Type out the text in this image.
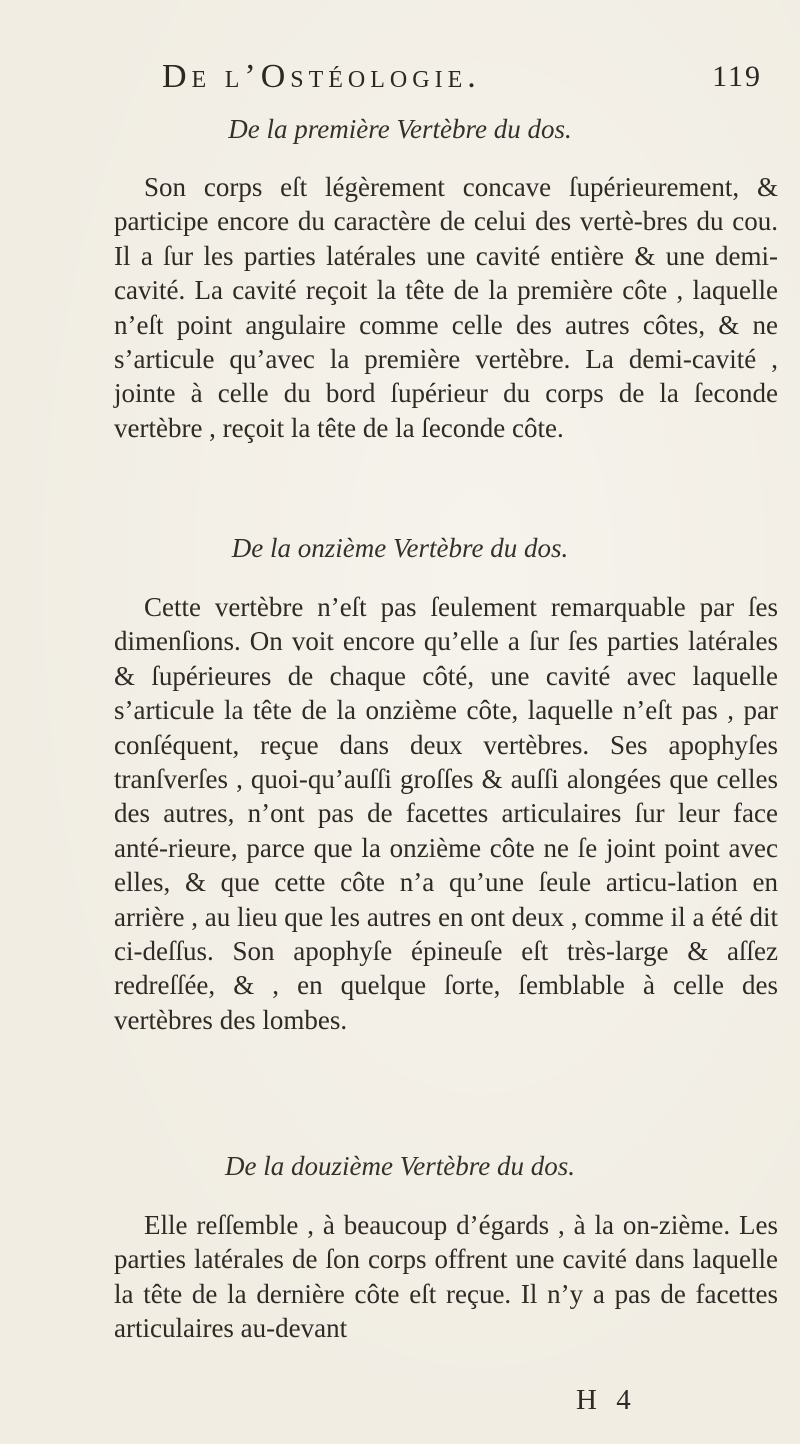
De l’Ostéologie.	119
De la première Vertèbre du dos.

Son corps eſt légèrement concave ſupérieurement, & participe encore du caractère de celui des vertè-bres du cou. Il a ſur les parties latérales une cavité entière & une demi-cavité. La cavité reçoit la tête de la première côte , laquelle n’eſt point angulaire comme celle des autres côtes, & ne s’articule qu’avec la première vertèbre. La demi-cavité , jointe à celle du bord ſupérieur du corps de la ſeconde vertèbre , reçoit la tête de la ſeconde côte.

De la onzième Vertèbre du dos.

Cette vertèbre n’eſt pas ſeulement remarquable par ſes dimenſions. On voit encore qu’elle a ſur ſes parties latérales & ſupérieures de chaque côté, une cavité avec laquelle s’articule la tête de la onzième côte, laquelle n’eſt pas , par conſéquent, reçue dans deux vertèbres. Ses apophyſes tranſverſes , quoi-qu’auſſi groſſes & auſſi alongées que celles des autres, n’ont pas de facettes articulaires ſur leur face anté-rieure, parce que la onzième côte ne ſe joint point avec elles, & que cette côte n’a qu’une ſeule articu-lation en arrière , au lieu que les autres en ont deux , comme il a été dit ci-deſſus. Son apophyſe épineuſe eſt très-large & aſſez redreſſée, & , en quelque ſorte, ſemblable à celle des vertèbres des lombes.

De la douzième Vertèbre du dos.

Elle reſſemble , à beaucoup d’égards , à la on-zième. Les parties latérales de ſon corps offrent une cavité dans laquelle la tête de la dernière côte eſt reçue. Il n’y a pas de facettes articulaires au-devant

H 4
